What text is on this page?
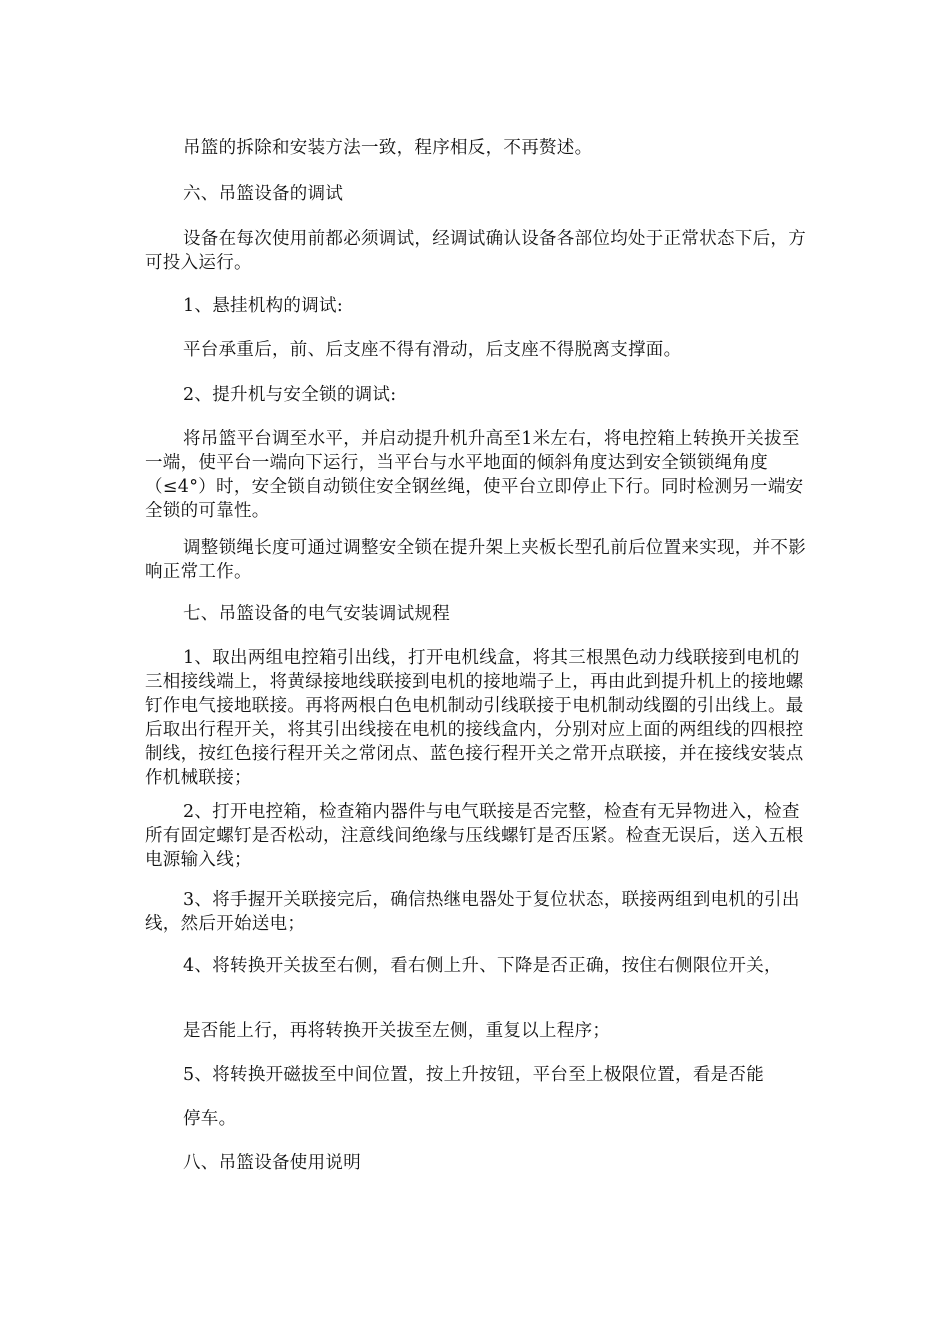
吊篮的拆除和安装方法一致，程序相反，不再赘述。

六、吊篮设备的调试

设备在每次使用前都必须调试，经调试确认设备各部位均处于正常状态下后，方可投入运行。

1、悬挂机构的调试:

平台承重后，前、后支座不得有滑动，后支座不得脱离支撑面。

2、提升机与安全锁的调试:

将吊篮平台调至水平，并启动提升机升高至1米左右，将电控箱上转换开关拔至一端，使平台一端向下运行，当平台与水平地面的倾斜角度达到安全锁锁绳角度（≤4°）时，安全锁自动锁住安全钢丝绳，使平台立即停止下行。同时检测另一端安全锁的可靠性。

调整锁绳长度可通过调整安全锁在提升架上夹板长型孔前后位置来实现，并不影响正常工作。

七、吊篮设备的电气安装调试规程

1、取出两组电控箱引出线，打开电机线盒，将其三根黑色动力线联接到电机的三相接线端上，将黄绿接地线联接到电机的接地端子上，再由此到提升机上的接地螺钉作电气接地联接。再将两根白色电机制动引线联接于电机制动线圈的引出线上。最后取出行程开关，将其引出线接在电机的接线盒内，分别对应上面的两组线的四根控制线，按红色接行程开关之常闭点、蓝色接行程开关之常开点联接，并在接线安装点作机械联接；

2、打开电控箱，检查箱内器件与电气联接是否完整，检查有无异物进入，检查所有固定螺钉是否松动，注意线间绝缘与压线螺钉是否压紧。检查无误后，送入五根电源输入线；

3、将手握开关联接完后，确信热继电器处于复位状态，联接两组到电机的引出线，然后开始送电；

4、将转换开关拔至右侧，看右侧上升、下降是否正确，按住右侧限位开关，

是否能上行，再将转换开关拔至左侧，重复以上程序；

5、将转换开磁拔至中间位置，按上升按钮，平台至上极限位置，看是否能

停车。

八、吊篮设备使用说明
